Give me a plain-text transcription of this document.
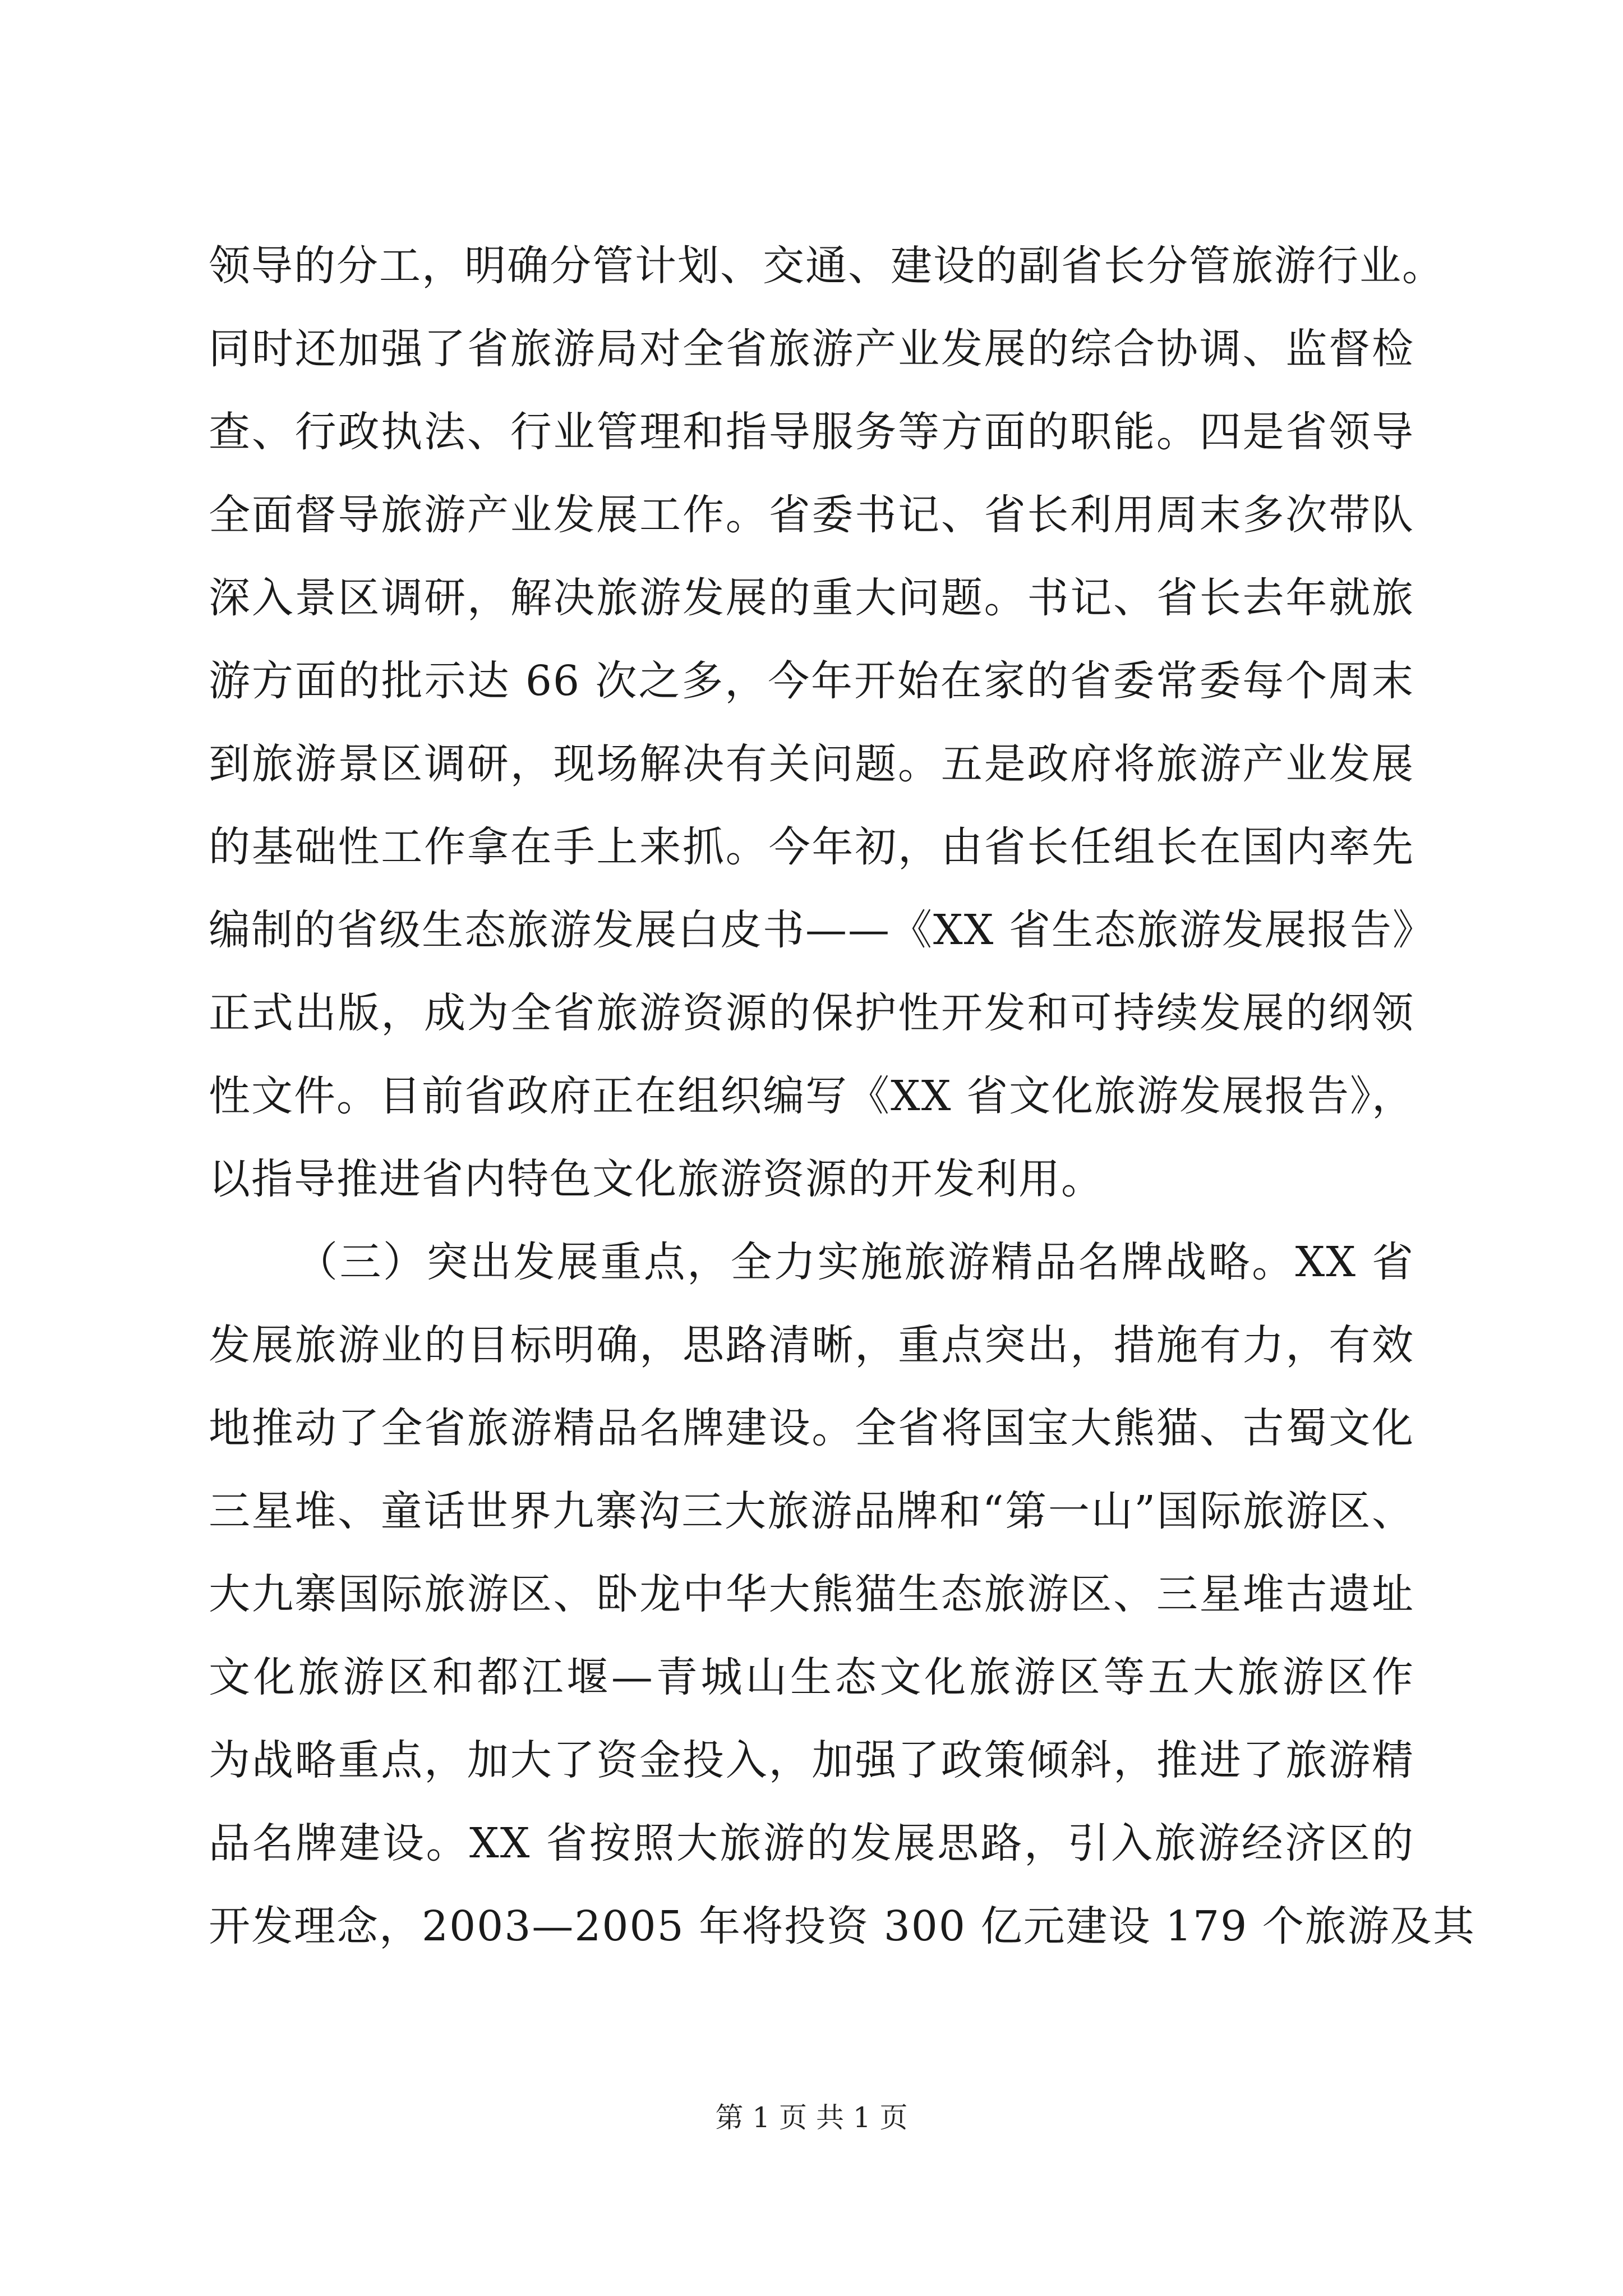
领导的分工，明确分管计划、交通、建设的副省长分管旅游行业。
同时还加强了省旅游局对全省旅游产业发展的综合协调、监督检
查、行政执法、行业管理和指导服务等方面的职能。四是省领导
全面督导旅游产业发展工作。省委书记、省长利用周末多次带队
深入景区调研，解决旅游发展的重大问题。书记、省长去年就旅
游方面的批示达 66 次之多，今年开始在家的省委常委每个周末
到旅游景区调研，现场解决有关问题。五是政府将旅游产业发展
的基础性工作拿在手上来抓。今年初，由省长任组长在国内率先
编制的省级生态旅游发展白皮书——《XX 省生态旅游发展报告》
正式出版，成为全省旅游资源的保护性开发和可持续发展的纲领
性文件。目前省政府正在组织编写《XX 省文化旅游发展报告》，
以指导推进省内特色文化旅游资源的开发利用。
（三）突出发展重点，全力实施旅游精品名牌战略。XX 省
发展旅游业的目标明确，思路清晰，重点突出，措施有力，有效
地推动了全省旅游精品名牌建设。全省将国宝大熊猫、古蜀文化
三星堆、童话世界九寨沟三大旅游品牌和“第一山”国际旅游区、
大九寨国际旅游区、卧龙中华大熊猫生态旅游区、三星堆古遗址
文化旅游区和都江堰—青城山生态文化旅游区等五大旅游区作
为战略重点，加大了资金投入，加强了政策倾斜，推进了旅游精
品名牌建设。XX 省按照大旅游的发展思路，引入旅游经济区的
开发理念，2003—2005 年将投资 300 亿元建设 179 个旅游及其
第 1 页 共 1 页
